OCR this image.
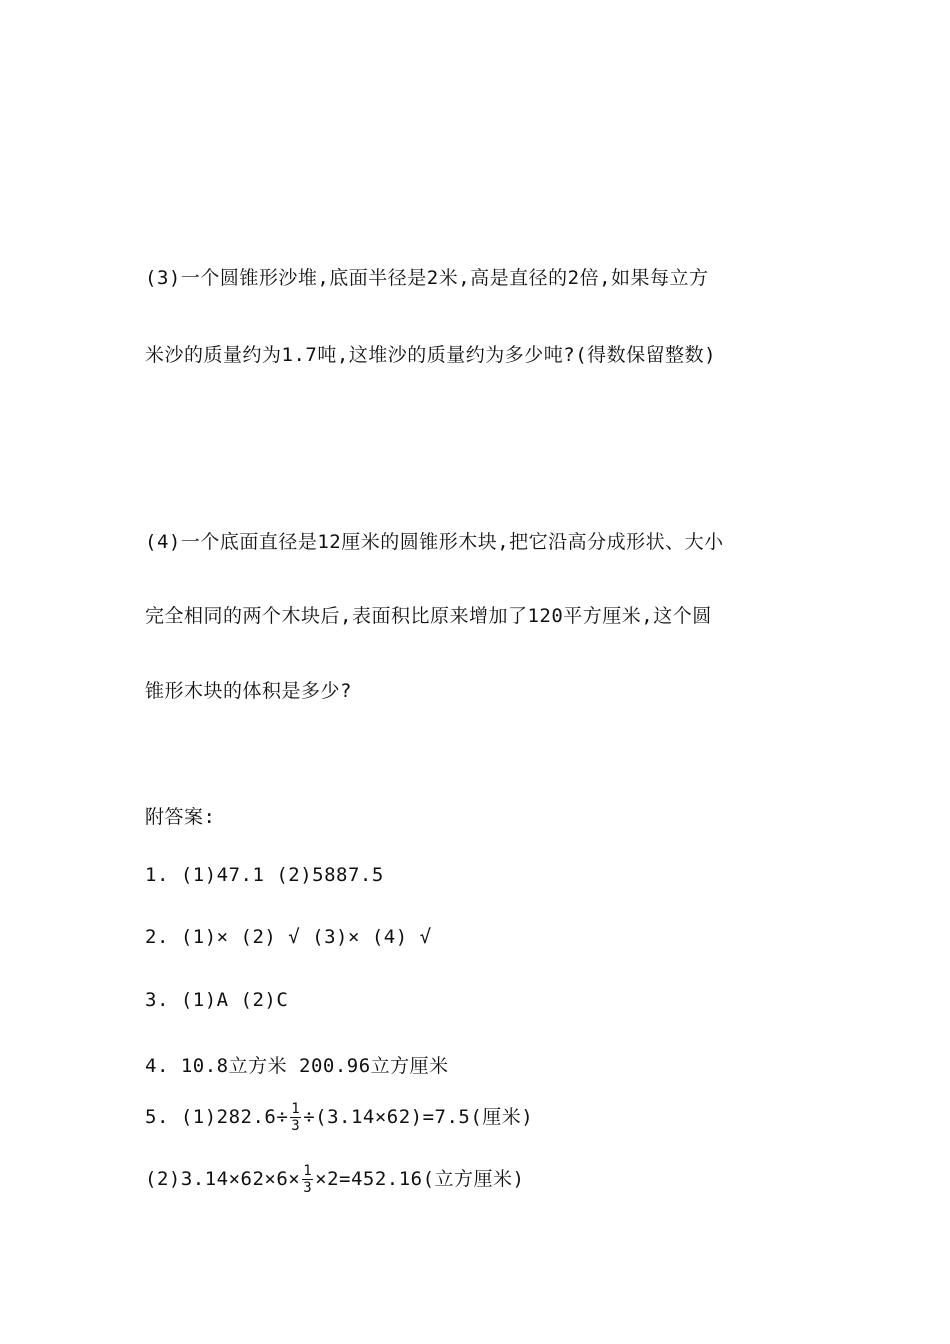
(3)一个圆锥形沙堆,底面半径是2米,高是直径的2倍,如果每立方
米沙的质量约为1.7吨,这堆沙的质量约为多少吨?(得数保留整数)
(4)一个底面直径是12厘米的圆锥形木块,把它沿高分成形状、大小
完全相同的两个木块后,表面积比原来增加了120平方厘米,这个圆
锥形木块的体积是多少?
附答案:
1. (1)47.1 (2)5887.5
2. (1)× (2) √ (3)× (4) √
3. (1)A (2)C
4. 10.8立方米 200.96立方厘米
5. $(1)282.6\div \frac{1}{3} \div(3.14\times 62)=7.5$(厘米)
$(2)3.14\times 62\times 6\times \frac{1}{3} \times 2=452.16$(立方厘米)
